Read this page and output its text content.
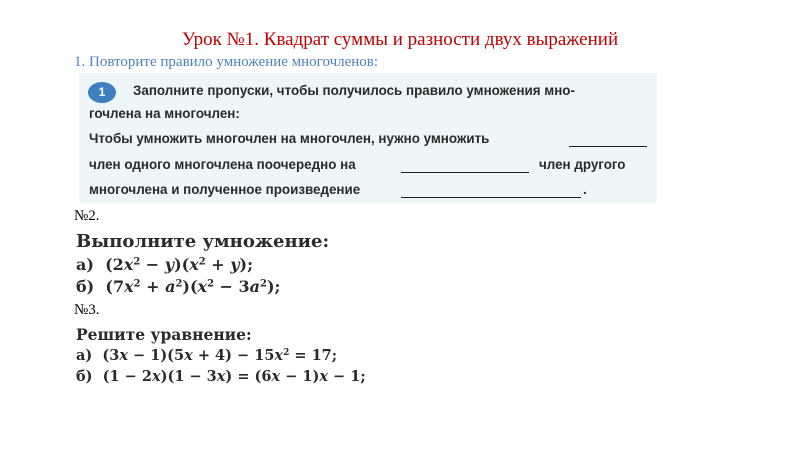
Урок №1. Квадрат суммы и разности двух выражений
1. Повторите правило умножение многочленов:
1	Заполните пропуски, чтобы получилось правило умножения мно-
гочлена на многочлен:
Чтобы умножить многочлен на многочлен, нужно умножить
член одного многочлена поочередно на	член другого
многочлена и полученное произведение	.
№2.
Выполните умножение:
а) $(2x^2 - y)(x^2 + y)$;
б) $(7x^2 + a^2)(x^2 - 3a^2)$;
№3.
Решите уравнение:
а) $(3x - 1)(5x + 4) - 15x^2 = 17$;
б) (1 − 2x)(1 − 3x) = (6x − 1)x − 1;
